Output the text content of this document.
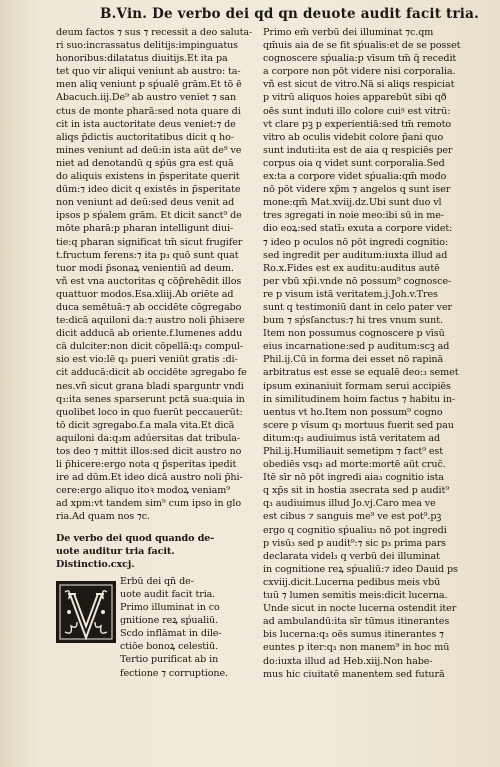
B.Vin. De verbo dei qd qn deuote audit facit tria.
deum factos ⁊ sus ⁊ recessit a deo saluta-
ri suo:incrassatus delitijs:impinguatus
honoribus:dilatatus diuitijs.Et ita pa
tet quo vir aliqui veniunt ab austro: ta-
men aliq veniunt p sṕualē grām.Et tō ē
Abacuch.iij.De⁹ ab austro veniet ⁊ san
ctus de monte pharā:sed nota quare di
cit in ista auctoritate deus veniet:⁊ de
aliqs p̄dictis auctoritatibus dicit q ho-
mines veniunt ad deū:in ista aūt de⁹ ve
niet ad denotandū q sṕūs gra est quā
do aliquis existens in p̄speritate querit
dūm:⁊ ideo dicit q existēs in p̄speritate
non veniunt ad deū:sed deus venit ad
ipsos p sṕalem grām. Et dicit sanct⁹ de
mōte pharā:p pharan intelligunt diui-
tie:q pharan significat tm̄ sicut frugifer
t.fructum ferens:⁊ ita p₃ quō sunt quat
tuor modi p̄sonaꝝ venientiū ad deum.
vñ est vna auctoritas q cōp̄rehēdit illos
quattuor modos.Esa.xliij.Ab oriēte ad
duca semētuā:⁊ ab occidēte cōgregabo
te:dicā aquiloni da:⁊ austro noli p̄hiɜere
dicit adducā ab oriente.f.lumenes addu
cā dulciter:non dicit cōpellā:q₃ compul-
sio est vio:lē q₃ pueri veniūt gratis :di-
cit adducā:dicit ab occidēte ɜgregabo fe
nes.vñ sicut grana bladi sparguntr vndi
q₃:ita senes sparserunt pctā sua:quia in
quolibet loco in quo fuerūt peccauerūt:
tō dicit ɜgregabo.f.a mala vita.Et dicā
aquiloni da:q₃m adúersitas dat tribula-
tos deo ⁊ mittit illos:sed dicit austro no
li p̄hicere:ergo nota q p̄speritas ipedit
ire ad dūm.Et ideo dicā austro noli p̄hi-
cere:ergo aliquo itoꝛ modoꝝ veniam⁹
ad xpm:vt tandem sim⁹ cum ipso in glo
ria.Ad quam nos ⁊c.
De verbo dei quod quando de-
uote auditur tria facit.
Distinctio.cxcj.
Erbū dei qn̄ de-
uote audit facit tria.
Primo illuminat in co
gnitione reꝝ sṕualiū.
Scdo inflāmat in dile-
ctiōe bonoꝝ celestiū.
Tertio purificat ab in
fectione ⁊ corruptione.
Primo em̄ verbū dei illuminat ⁊c.qm
qm̄uis aia de se fit sṕualis:et de se posset
cognoscere sṕualia:p vīsum tm̄ q̄ recedit
a corpore non pōt videre nisi corporalia.
vñ est sicut de vitro.Nā si aliqs respiciat
p vitrū aliquos hoies apparebūt sibi qð
oēs sunt induti illo colore cuiꝰ est vitrū:
vt clare pꝫ p experientiā:sed tm̄ remoto
vitro ab oculis videbit colore p̄ani quo
sunt induti:ita est de aia q respiciēs per
corpus oia q videt sunt corporalia.Sed
ex:ta a corpore videt sṕualia:qm̄ modo
nō pōt videre xp̄m ⁊ angelos q sunt iser
mone:qm̄ Mat.xviij.dz.Ubi sunt duo vl
tres ɜgregati in noie meo:ibi sū in me-
dio eoꝝ:sed statī₃ exuta a corpore videt:
⁊ ideo p oculos nō pōt ingredi cognitio:
sed ingredit per auditum:iuxta illud ad
Ro.x.Fides est ex auditu:auditus autē
per vbū xp̄i.vnde nō possum⁹ cognosce-
re p visum istā veritatem.j.Joh.v.Tres
sunt q testimoniū dant in celo pater ver
bum ⁊ sṕsſanctus:⁊ hi tres vnum sunt.
Item non possumus cognoscere p vīsū
eius incarnatione:sed p auditum:scꝫ ad
Phil.ij.Cū in forma dei esset nō rapinā
arbitratus est esse se equalē deo:₃ semet
ipsum exinaniuit formam serui accipiēs
in similitudinem hoim factus ⁊ habitu in-
uentus vt ho.Item non possum⁹ cogno
scere p vīsum q₃ mortuus fuerit sed pau
ditum:q₃ audiuimus istā veritatem ad
Phil.ij.Humiliauit semetipm ⁊ fact⁹ est
obediēs vsq₃ ad morte:mortē aūt cruc̄.
Itē sīr nō pōt ingredi aia₃ cognitio ista
q xp̄s sit in hostia ɜsecrata sed p audit⁹
q₃ audiuimus illud Jo.vj.Caro mea ve
est cibus ⁊ sanguis me⁹ ve est pot⁹.pꝫ
ergo q cognitio sṕualiu₃ nō pot ingredi
p visū₃ sed p audit⁹:⁊ sic p₃ prima pars
declarata videl₃ q verbū dei illuminat
in cognitione reꝝ sṕualiū:⁊ ideo Dauid ps
cxviij.dicit.Lucerna pedibus meis vbū
tuū ⁊ lumen semitis meis:dicit lucerna.
Unde sicut in nocte lucerna ostendit iter
ad ambulandū:ita sīr tūmus itinerantes
bis lucerna:q₃ oēs sumus itinerantes ⁊
euntes p iter:q₃ non manem⁹ in hoc mū
do:iuxta illud ad Heb.xiij.Non habe-
mus hic ciuitatē manentem sed futurā
